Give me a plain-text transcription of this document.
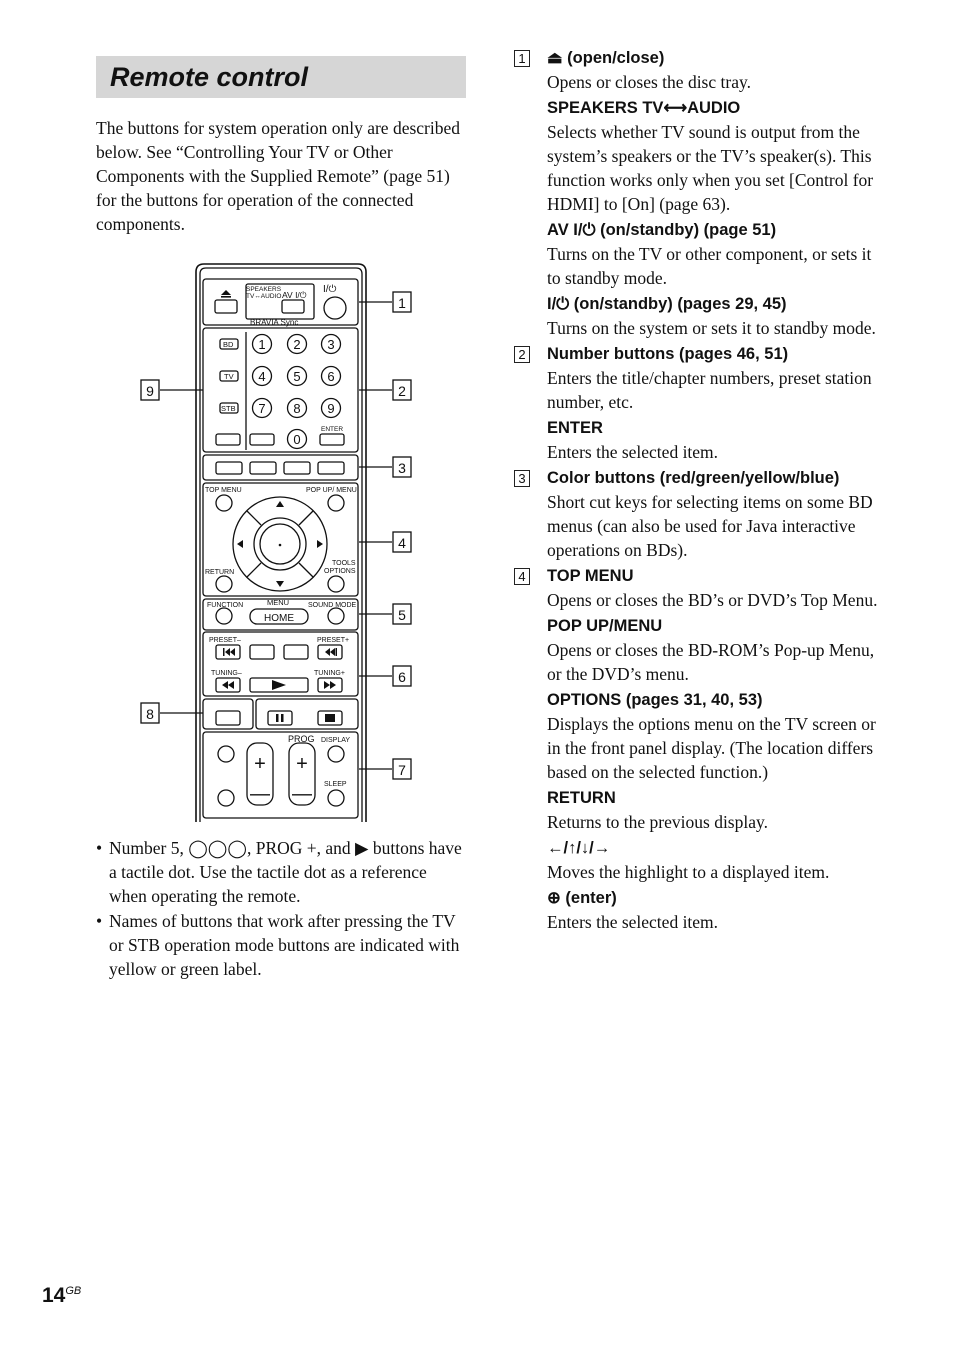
Remote control

The buttons for system operation only are described below. See “Controlling Your TV or Other Components with the Supplied Remote” (page 51) for the buttons for operation of the connected components.

SPEAKERS
TV↔AUDIO AV I/⏻ I/⏻
BRAVIA Sync
BD
TV
STB
ENTER
1 2 3
4 5 6
7 8 9
0
TOP MENU	POP UP/ MENU
RETURN
TOOLS
OPTIONS
FUNCTION	MENU
HOME
SOUND MODE
PRESET–	PRESET+
TUNING–	TUNING+
PROG DISPLAY
SLEEP
+
—
+
—
1
2
3
4
5
6
7
8
9
• Number 5, ◯◯◯, PROG +, and ▶ buttons have a tactile dot. Use the tactile dot as a reference when operating the remote.
• Names of buttons that work after pressing the TV or STB operation mode buttons are indicated with yellow or green label.
1 ⏏ (open/close)
Opens or closes the disc tray.
SPEAKERS TV⟷AUDIO
Selects whether TV sound is output from the system’s speakers or the TV’s speaker(s). This function works only when you set [Control for HDMI] to [On] (page 63).
AV I/⏻ (on/standby) (page 51)
Turns on the TV or other component, or sets it to standby mode.
I/⏻ (on/standby) (pages 29, 45)
Turns on the system or sets it to standby mode.
2 Number buttons (pages 46, 51)
Enters the title/chapter numbers, preset station number, etc.
ENTER
Enters the selected item.
3 Color buttons (red/green/yellow/blue)
Short cut keys for selecting items on some BD menus (can also be used for Java interactive operations on BDs).
4 TOP MENU
Opens or closes the BD’s or DVD’s Top Menu.
POP UP/MENU
Opens or closes the BD-ROM’s Pop-up Menu, or the DVD’s menu.
OPTIONS (pages 31, 40, 53)
Displays the options menu on the TV screen or in the front panel display. (The location differs based on the selected function.)
RETURN
Returns to the previous display.
←/↑/↓/→
Moves the highlight to a displayed item.
⊕ (enter)
Enters the selected item.
$14^{GB}$
